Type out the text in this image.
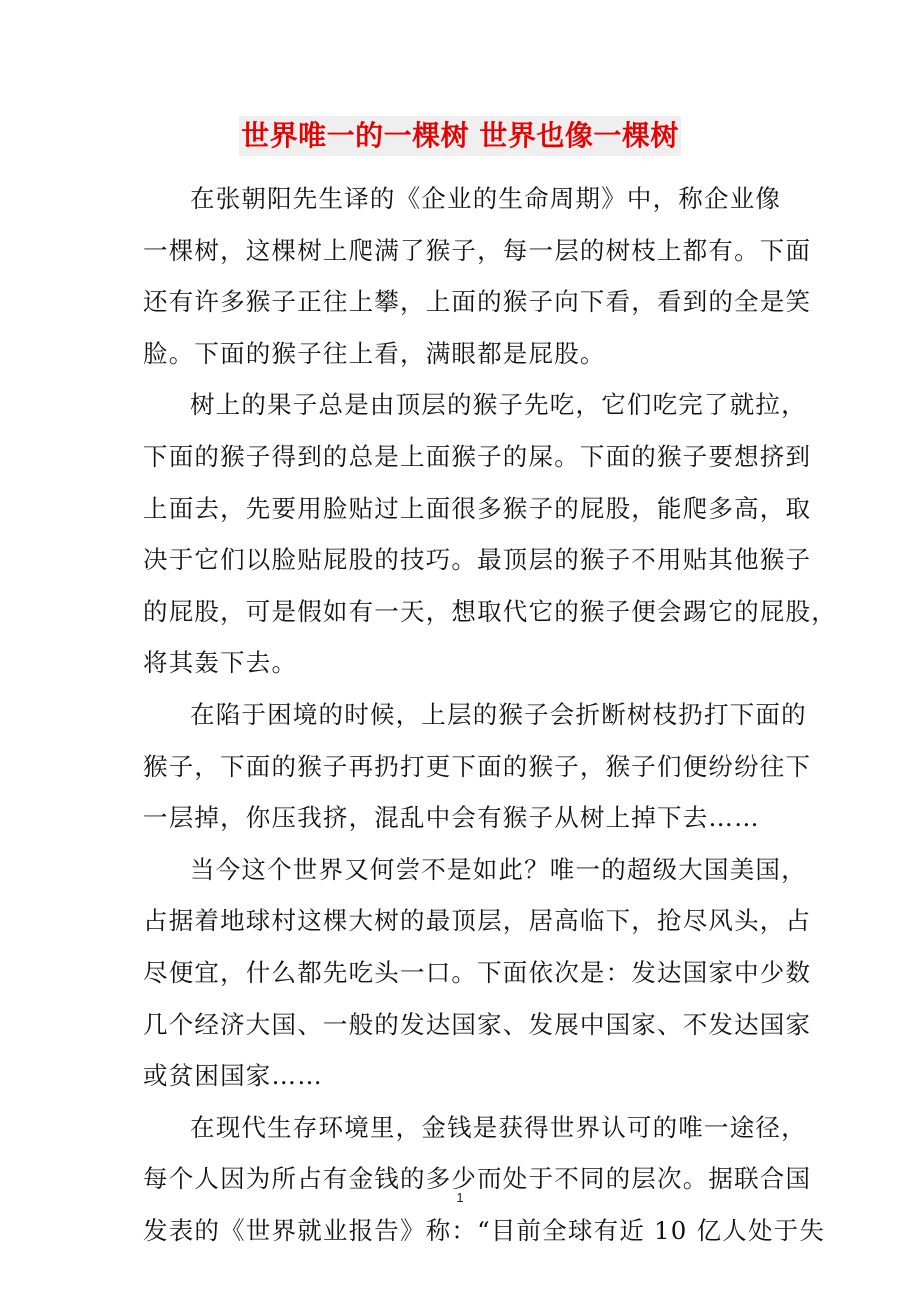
世界唯一的一棵树 世界也像一棵树
在张朝阳先生译的《企业的生命周期》中，称企业像
一棵树，这棵树上爬满了猴子，每一层的树枝上都有。下面
还有许多猴子正往上攀，上面的猴子向下看，看到的全是笑
脸。下面的猴子往上看，满眼都是屁股。
树上的果子总是由顶层的猴子先吃，它们吃完了就拉，
下面的猴子得到的总是上面猴子的屎。下面的猴子要想挤到
上面去，先要用脸贴过上面很多猴子的屁股，能爬多高，取
决于它们以脸贴屁股的技巧。最顶层的猴子不用贴其他猴子
的屁股，可是假如有一天，想取代它的猴子便会踢它的屁股，
将其轰下去。
在陷于困境的时候，上层的猴子会折断树枝扔打下面的
猴子，下面的猴子再扔打更下面的猴子，猴子们便纷纷往下
一层掉，你压我挤，混乱中会有猴子从树上掉下去……
当今这个世界又何尝不是如此？唯一的超级大国美国，
占据着地球村这棵大树的最顶层，居高临下，抢尽风头，占
尽便宜，什么都先吃头一口。下面依次是：发达国家中少数
几个经济大国、一般的发达国家、发展中国家、不发达国家
或贫困国家……
在现代生存环境里，金钱是获得世界认可的唯一途径，
每个人因为所占有金钱的多少而处于不同的层次。据联合国
发表的《世界就业报告》称：“目前全球有近 10 亿人处于失
1
